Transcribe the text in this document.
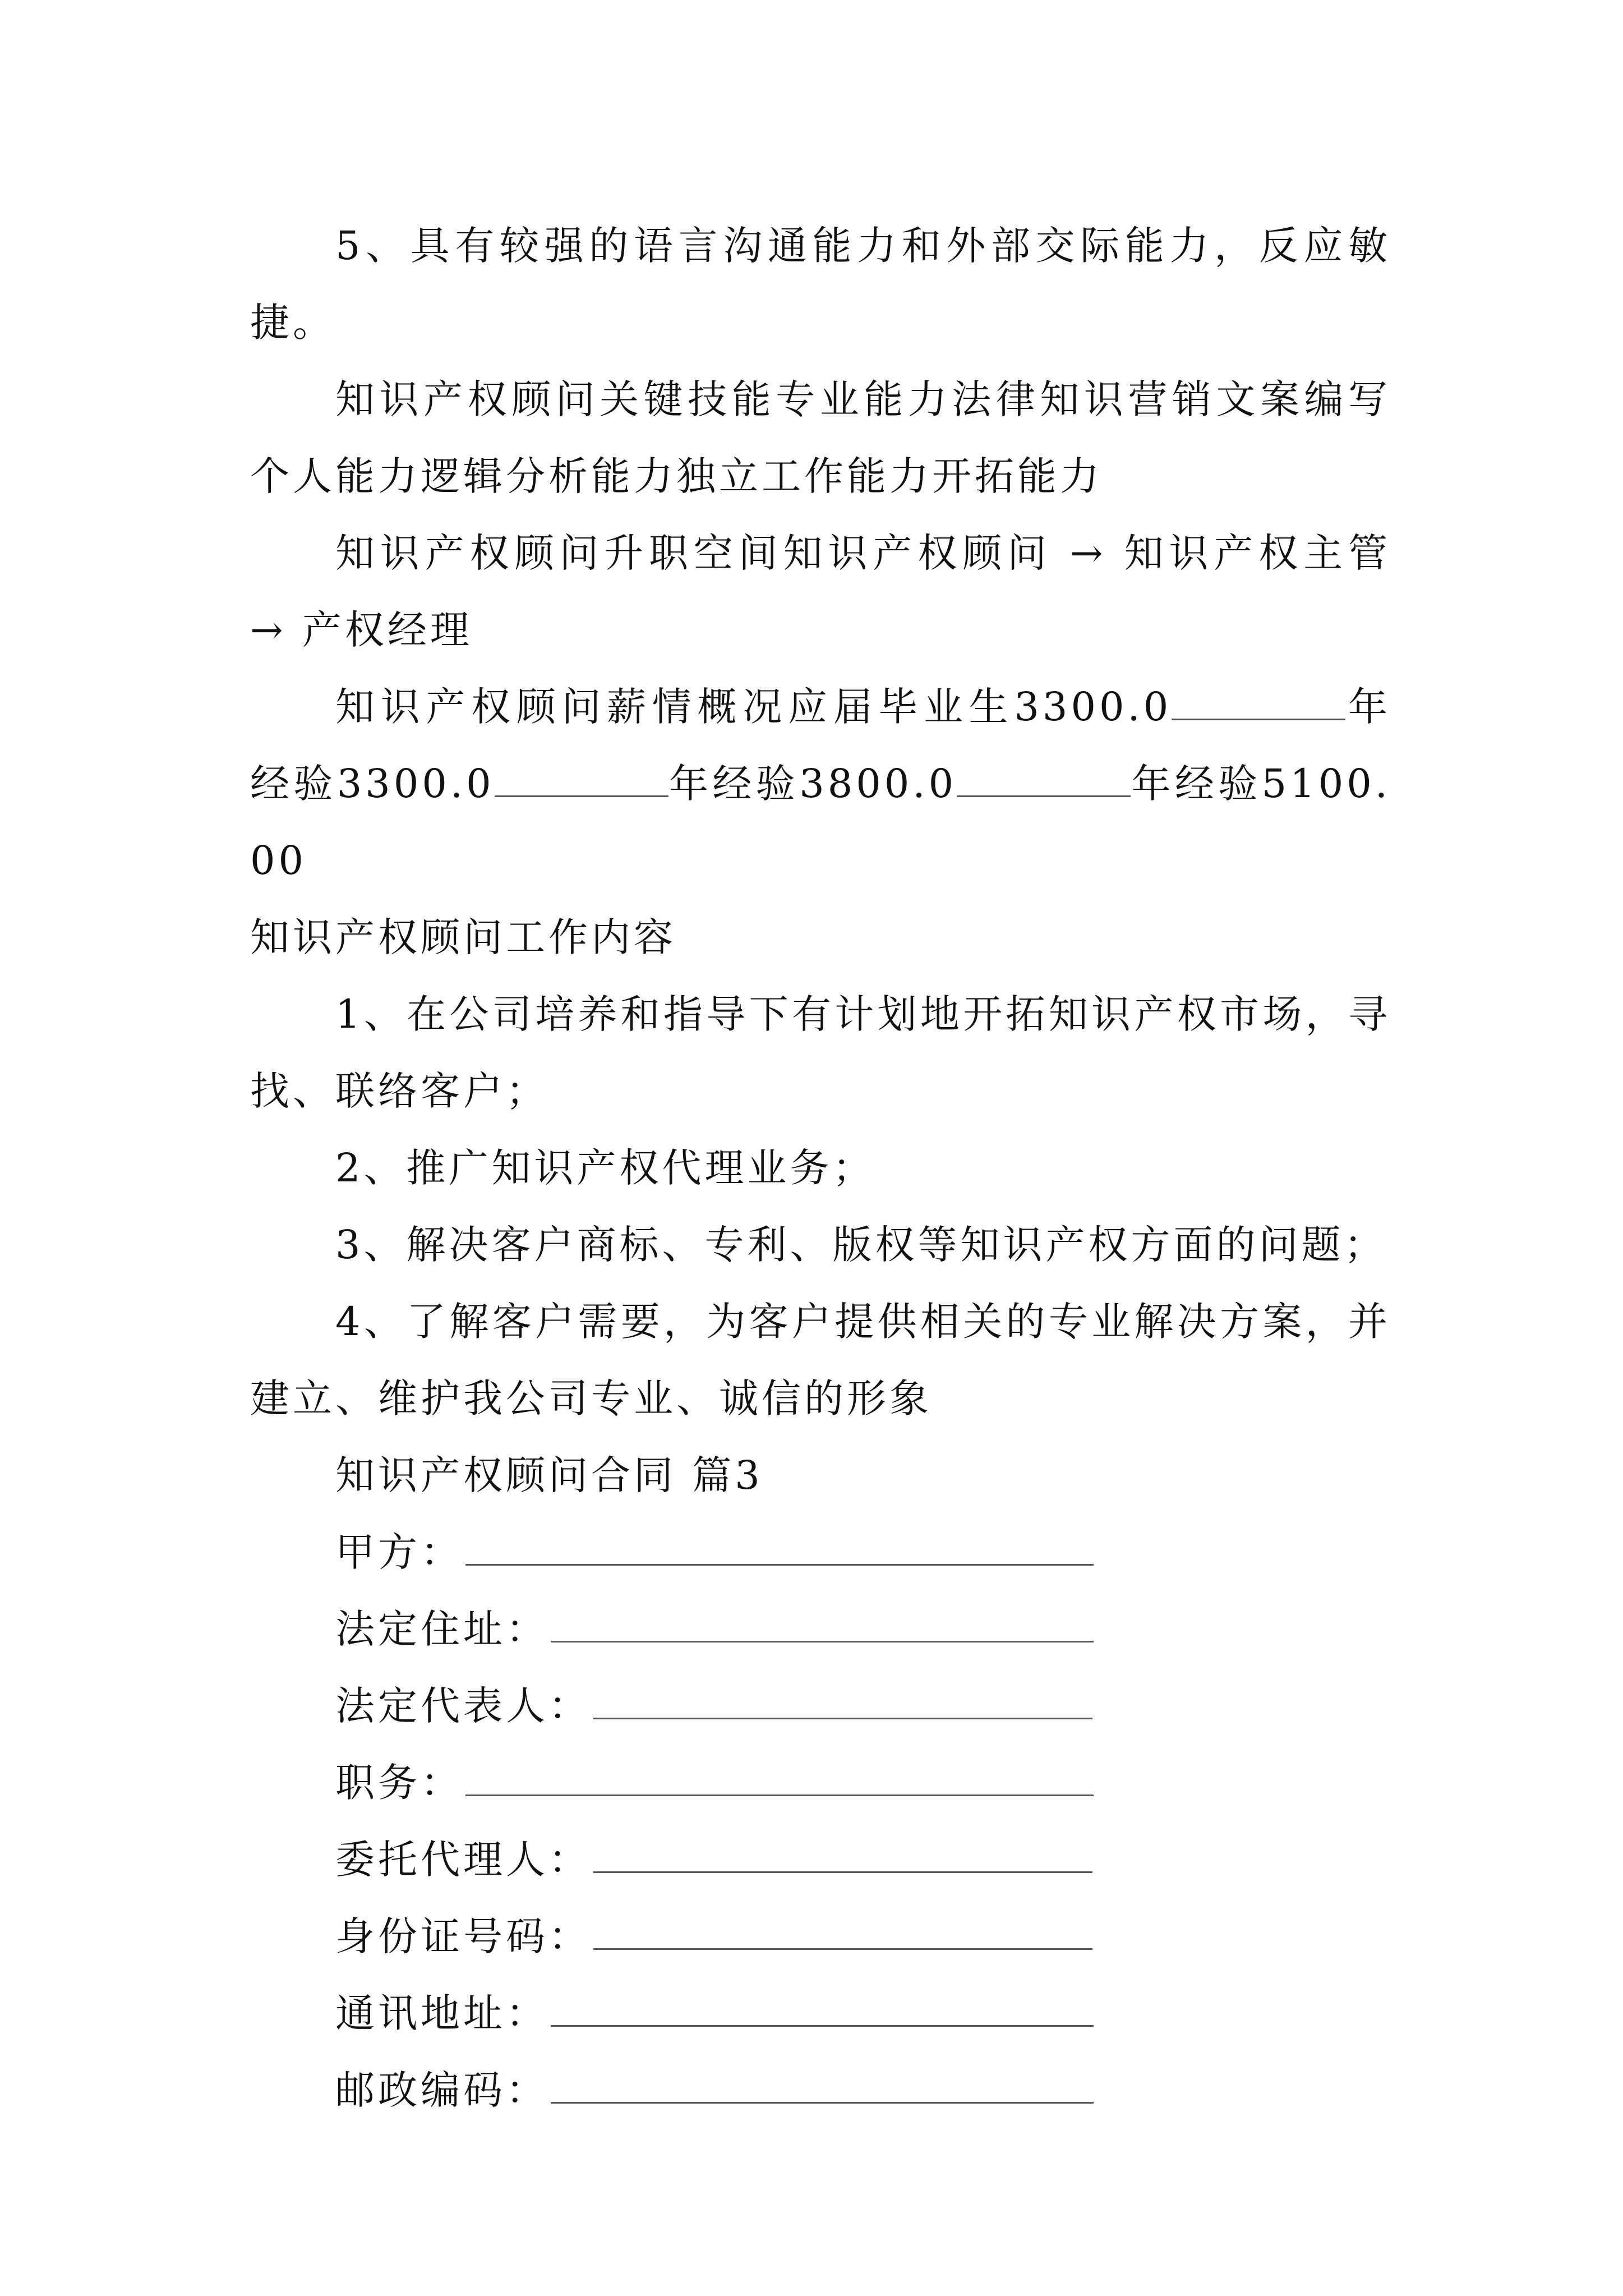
5、具有较强的语言沟通能力和外部交际能力，反应敏捷。

知识产权顾问关键技能专业能力法律知识营销文案编写个人能力逻辑分析能力独立工作能力开拓能力

知识产权顾问升职空间知识产权顾问 → 知识产权主管 → 产权经理

知识产权顾问薪情概况应届毕业生3300.0	年经验3300.0	年经验3800.0	年经验5100.00

知识产权顾问工作内容

1、在公司培养和指导下有计划地开拓知识产权市场，寻找、联络客户；

2、推广知识产权代理业务；

3、解决客户商标、专利、版权等知识产权方面的问题；

4、了解客户需要，为客户提供相关的专业解决方案，并建立、维护我公司专业、诚信的形象

知识产权顾问合同 篇3

甲方：

法定住址：

法定代表人：

职务：

委托代理人：

身份证号码：

通讯地址：

邮政编码：
